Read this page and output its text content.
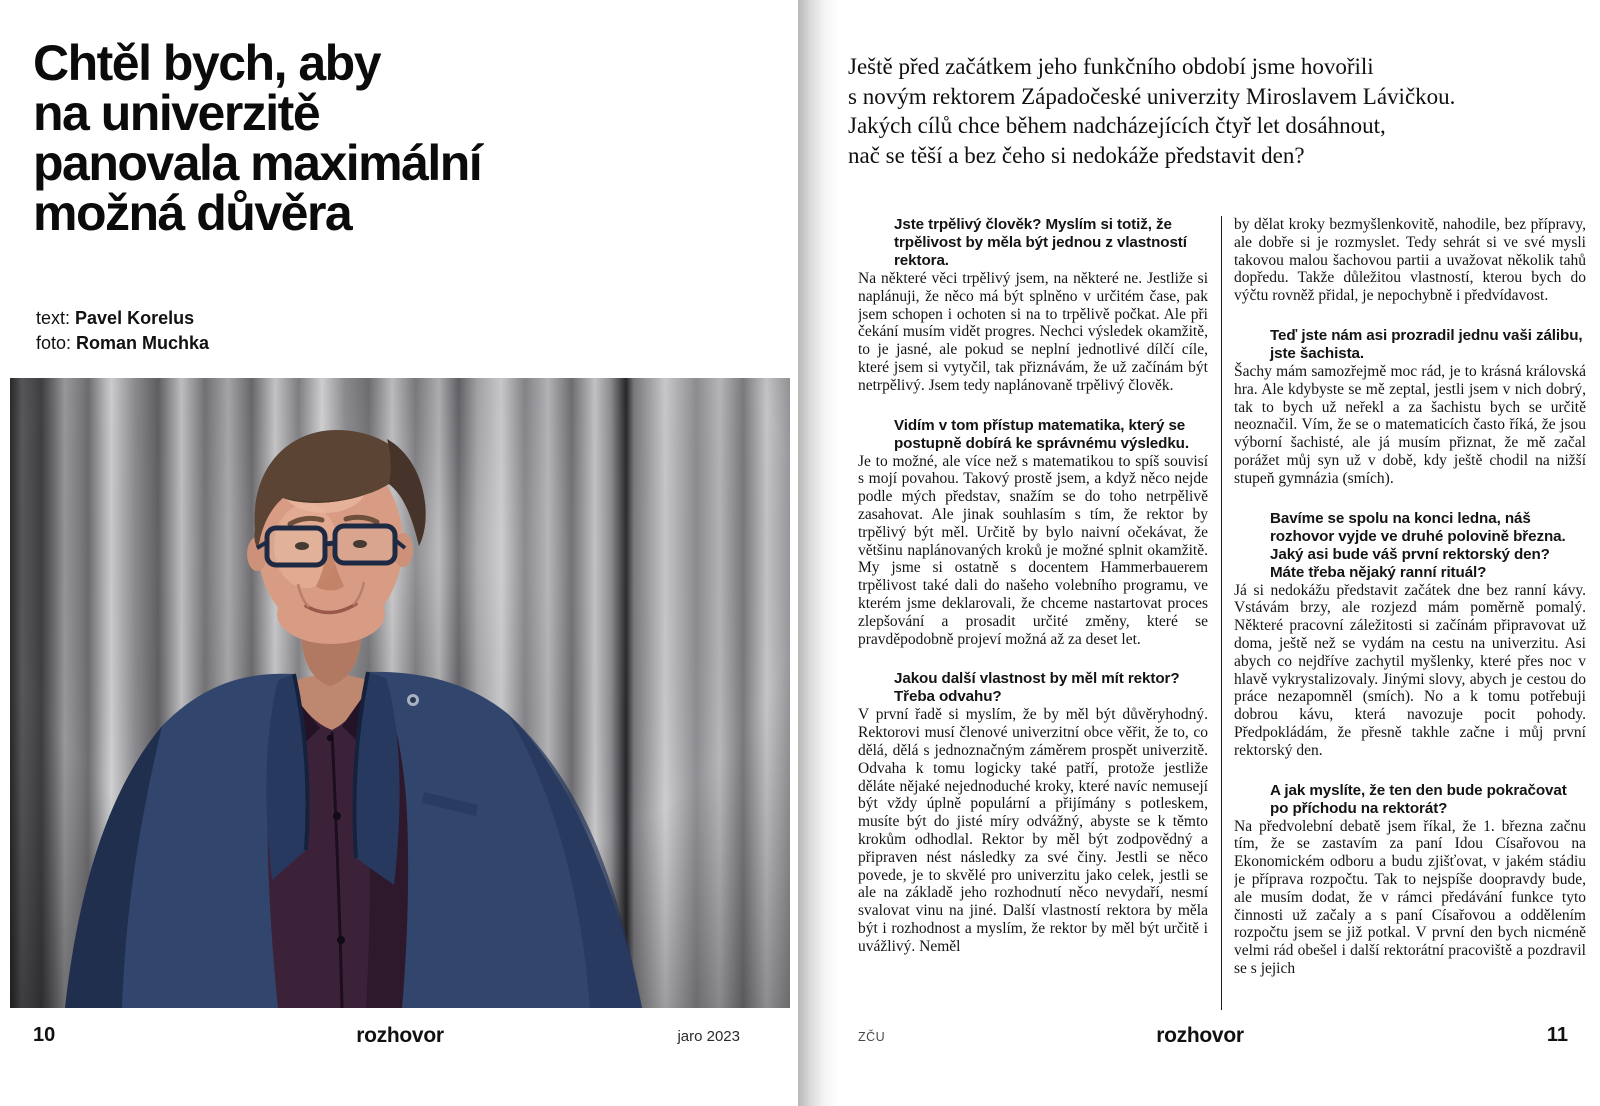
Chtěl bych, aby
na univerzitě
panovala maximální
možná důvěra
text: Pavel Korelus
foto: Roman Muchka
10	rozhovor	jaro 2023
Ještě před začátkem jeho funkčního období jsme hovořili
s novým rektorem Západočeské univerzity Miroslavem Lávičkou.
Jakých cílů chce během nadcházejících čtyř let dosáhnout,
nač se těší a bez čeho si nedokáže představit den?
Jste trpělivý člověk? Myslím si totiž, že trpělivost by měla být jednou z vlastností rektora.
Na některé věci trpělivý jsem, na některé ne. Jestliže si naplánuji, že něco má být splněno v určitém čase, pak jsem schopen i ochoten si na to trpělivě počkat. Ale při čekání musím vidět progres. Nechci výsledek okamžitě, to je jasné, ale pokud se neplní jednotlivé dílčí cíle, které jsem si vytyčil, tak přiznávám, že už začínám být netrpělivý. Jsem tedy naplánovaně trpělivý člověk.
Vidím v tom přístup matematika, který se postupně dobírá ke správnému výsledku.
Je to možné, ale více než s matematikou to spíš souvisí s mojí povahou. Takový prostě jsem, a když něco nejde podle mých představ, snažím se do toho netrpělivě zasahovat. Ale jinak souhlasím s tím, že rektor by trpělivý být měl. Určitě by bylo naivní očekávat, že většinu naplánovaných kroků je možné splnit okamžitě. My jsme si ostatně s docentem Hammerbauerem trpělivost také dali do našeho volebního programu, ve kterém jsme deklarovali, že chceme nastartovat proces zlepšování a prosadit určité změny, které se pravděpodobně projeví možná až za deset let.
Jakou další vlastnost by měl mít rektor? Třeba odvahu?
V první řadě si myslím, že by měl být důvěryhodný. Rektorovi musí členové univerzitní obce věřit, že to, co dělá, dělá s jednoznačným záměrem prospět univerzitě. Odvaha k tomu logicky také patří, protože jestliže děláte nějaké nejednoduché kroky, které navíc nemusejí být vždy úplně populární a přijímány s potleskem, musíte být do jisté míry odvážný, abyste se k těmto krokům odhodlal. Rektor by měl být zodpovědný a připraven nést následky za své činy. Jestli se něco povede, je to skvělé pro univerzitu jako celek, jestli se ale na základě jeho rozhodnutí něco nevydaří, nesmí svalovat vinu na jiné. Další vlastností rektora by měla být i rozhodnost a myslím, že rektor by měl být určitě i uvážlivý. Neměl
by dělat kroky bezmyšlenkovitě, nahodile, bez přípravy, ale dobře si je rozmyslet. Tedy sehrát si ve své mysli takovou malou šachovou partii a uvažovat několik tahů dopředu. Takže důležitou vlastností, kterou bych do výčtu rovněž přidal, je nepochybně i předvídavost.
Teď jste nám asi prozradil jednu vaši zálibu, jste šachista.
Šachy mám samozřejmě moc rád, je to krásná královská hra. Ale kdybyste se mě zeptal, jestli jsem v nich dobrý, tak to bych už neřekl a za šachistu bych se určitě neoznačil. Vím, že se o matematicích často říká, že jsou výborní šachisté, ale já musím přiznat, že mě začal porážet můj syn už v době, kdy ještě chodil na nižší stupeň gymnázia (smích).
Bavíme se spolu na konci ledna, náš rozhovor vyjde ve druhé polovině března. Jaký asi bude váš první rektorský den? Máte třeba nějaký ranní rituál?
Já si nedokážu představit začátek dne bez ranní kávy. Vstávám brzy, ale rozjezd mám poměrně pomalý. Některé pracovní záležitosti si začínám připravovat už doma, ještě než se vydám na cestu na univerzitu. Asi abych co nejdříve zachytil myšlenky, které přes noc v hlavě vykrystalizovaly. Jinými slovy, abych je cestou do práce nezapomněl (smích). No a k tomu potřebuji dobrou kávu, která navozuje pocit pohody. Předpokládám, že přesně takhle začne i můj první rektorský den.
A jak myslíte, že ten den bude pokračovat po příchodu na rektorát?
Na předvolební debatě jsem říkal, že 1. března začnu tím, že se zastavím za paní Idou Císařovou na Ekonomickém odboru a budu zjišťovat, v jakém stádiu je příprava rozpočtu. Tak to nejspíše doopravdy bude, ale musím dodat, že v rámci předávání funkce tyto činnosti už začaly a s paní Císařovou a oddělením rozpočtu jsem se již potkal. V první den bych nicméně velmi rád obešel i další rektorátní pracoviště a pozdravil se s jejich
ZČU	rozhovor	11
